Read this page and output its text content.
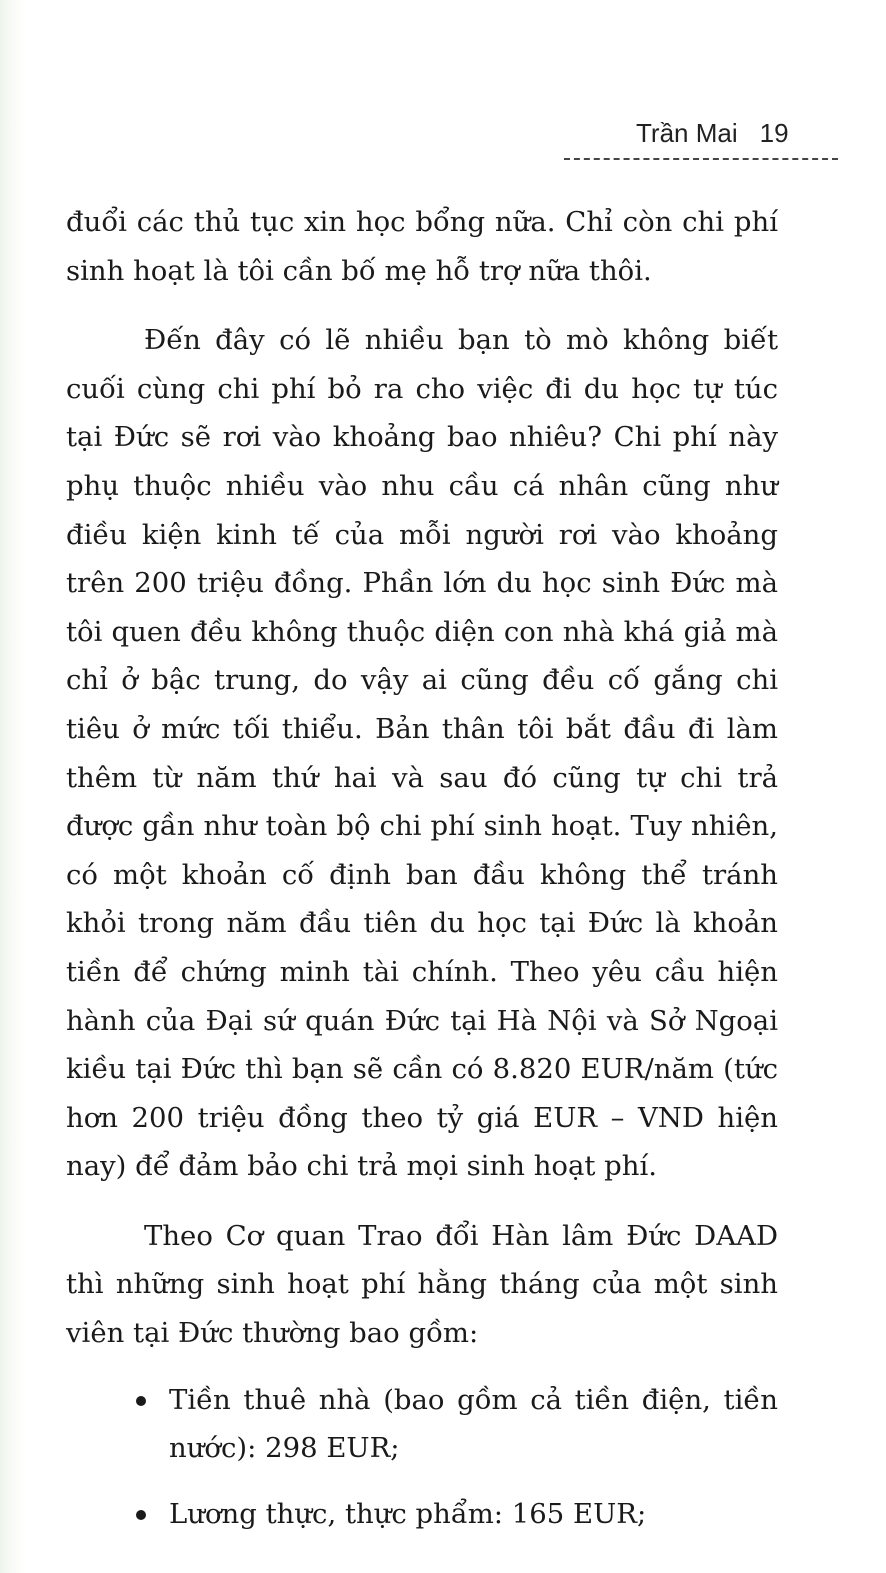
Trần Mai 19

đuổi các thủ tục xin học bổng nữa. Chỉ còn chi phí sinh hoạt là tôi cần bố mẹ hỗ trợ nữa thôi.

Đến đây có lẽ nhiều bạn tò mò không biết cuối cùng chi phí bỏ ra cho việc đi du học tự túc tại Đức sẽ rơi vào khoảng bao nhiêu? Chi phí này phụ thuộc nhiều vào nhu cầu cá nhân cũng như điều kiện kinh tế của mỗi người rơi vào khoảng trên 200 triệu đồng. Phần lớn du học sinh Đức mà tôi quen đều không thuộc diện con nhà khá giả mà chỉ ở bậc trung, do vậy ai cũng đều cố gắng chi tiêu ở mức tối thiểu. Bản thân tôi bắt đầu đi làm thêm từ năm thứ hai và sau đó cũng tự chi trả được gần như toàn bộ chi phí sinh hoạt. Tuy nhiên, có một khoản cố định ban đầu không thể tránh khỏi trong năm đầu tiên du học tại Đức là khoản tiền để chứng minh tài chính. Theo yêu cầu hiện hành của Đại sứ quán Đức tại Hà Nội và Sở Ngoại kiều tại Đức thì bạn sẽ cần có 8.820 EUR/năm (tức hơn 200 triệu đồng theo tỷ giá EUR – VND hiện nay) để đảm bảo chi trả mọi sinh hoạt phí.

Theo Cơ quan Trao đổi Hàn lâm Đức DAAD thì những sinh hoạt phí hằng tháng của một sinh viên tại Đức thường bao gồm:

Tiền thuê nhà (bao gồm cả tiền điện, tiền nước): 298 EUR;
Lương thực, thực phẩm: 165 EUR;
